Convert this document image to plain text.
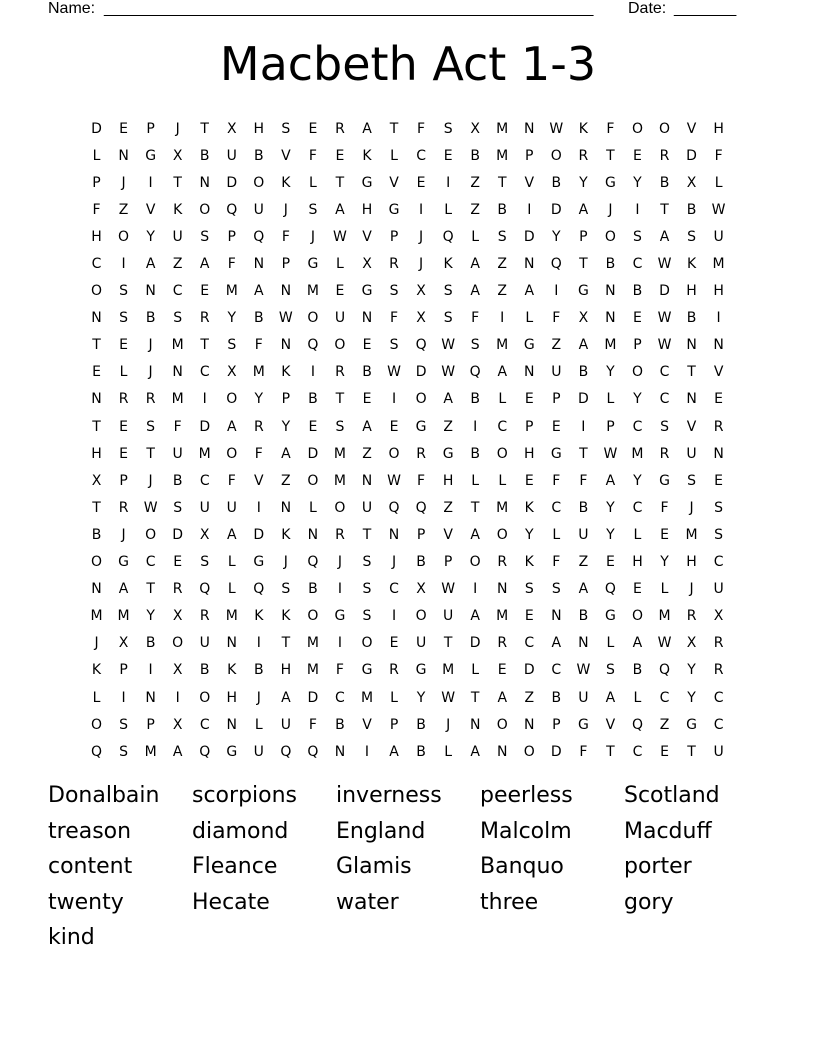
Name: _______________________________________________________ Date: _______
Macbeth Act 1-3
D	E	P	J	T	X	H	S	E	R	A	T	F	S	X	M	N	W	K	F	O	O	V	H
L	N	G	X	B	U	B	V	F	E	K	L	C	E	B	M	P	O	R	T	E	R	D	F
P	J	I	T	N	D	O	K	L	T	G	V	E	I	Z	T	V	B	Y	G	Y	B	X	L
F	Z	V	K	O	Q	U	J	S	A	H	G	I	L	Z	B	I	D	A	J	I	T	B	W
H	O	Y	U	S	P	Q	F	J	W	V	P	J	Q	L	S	D	Y	P	O	S	A	S	U
C	I	A	Z	A	F	N	P	G	L	X	R	J	K	A	Z	N	Q	T	B	C	W	K	M
O	S	N	C	E	M	A	N	M	E	G	S	X	S	A	Z	A	I	G	N	B	D	H	H
N	S	B	S	R	Y	B	W	O	U	N	F	X	S	F	I	L	F	X	N	E	W	B	I
T	E	J	M	T	S	F	N	Q	O	E	S	Q	W	S	M	G	Z	A	M	P	W	N	N
E	L	J	N	C	X	M	K	I	R	B	W	D	W	Q	A	N	U	B	Y	O	C	T	V
N	R	R	M	I	O	Y	P	B	T	E	I	O	A	B	L	E	P	D	L	Y	C	N	E
T	E	S	F	D	A	R	Y	E	S	A	E	G	Z	I	C	P	E	I	P	C	S	V	R
H	E	T	U	M	O	F	A	D	M	Z	O	R	G	B	O	H	G	T	W	M	R	U	N
X	P	J	B	C	F	V	Z	O	M	N	W	F	H	L	L	E	F	F	A	Y	G	S	E
T	R	W	S	U	U	I	N	L	O	U	Q	Q	Z	T	M	K	C	B	Y	C	F	J	S
B	J	O	D	X	A	D	K	N	R	T	N	P	V	A	O	Y	L	U	Y	L	E	M	S
O	G	C	E	S	L	G	J	Q	J	S	J	B	P	O	R	K	F	Z	E	H	Y	H	C
N	A	T	R	Q	L	Q	S	B	I	S	C	X	W	I	N	S	S	A	Q	E	L	J	U
M	M	Y	X	R	M	K	K	O	G	S	I	O	U	A	M	E	N	B	G	O	M	R	X
J	X	B	O	U	N	I	T	M	I	O	E	U	T	D	R	C	A	N	L	A	W	X	R
K	P	I	X	B	K	B	H	M	F	G	R	G	M	L	E	D	C	W	S	B	Q	Y	R
L	I	N	I	O	H	J	A	D	C	M	L	Y	W	T	A	Z	B	U	A	L	C	Y	C
O	S	P	X	C	N	L	U	F	B	V	P	B	J	N	O	N	P	G	V	Q	Z	G	C
Q	S	M	A	Q	G	U	Q	Q	N	I	A	B	L	A	N	O	D	F	T	C	E	T	U
Donalbain	scorpions	inverness	peerless	Scotland
treason	diamond	England	Malcolm	Macduff
content	Fleance	Glamis	Banquo	porter
twenty	Hecate	water	three	gory
kind
